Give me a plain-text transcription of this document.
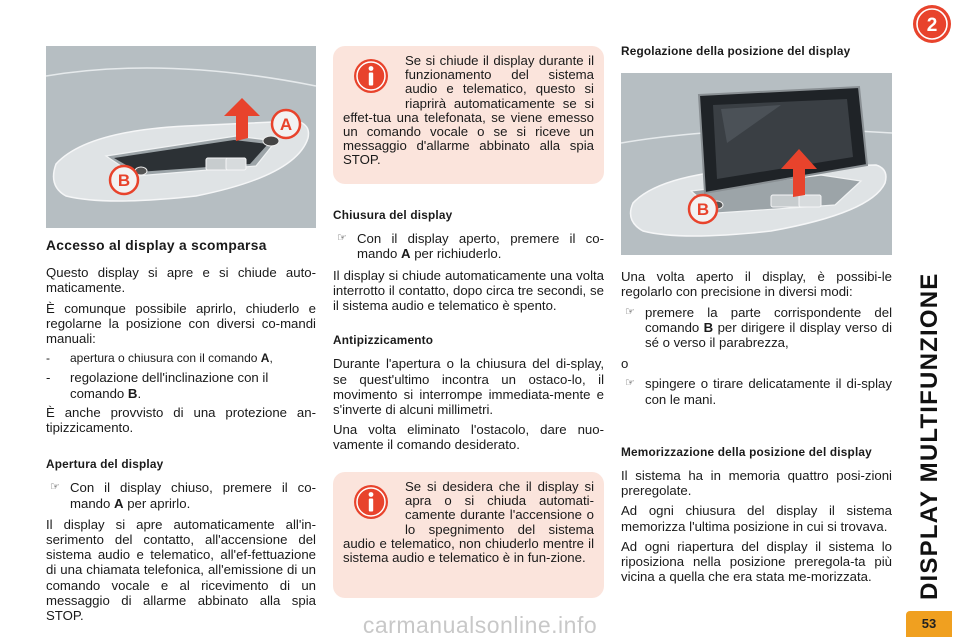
A
B
Accesso al display a scomparsa

Questo display si apre e si chiude auto-maticamente.

È comunque possibile aprirlo, chiuderlo e regolarne la posizione con diversi co-mandi manuali:

- apertura o chiusura con il comando A,
- regolazione dell'inclinazione con il comando B.

È anche provvisto di una protezione an-tipizzicamento.

Apertura del display
☞ Con il display chiuso, premere il co-mando A per aprirlo.

Il display si apre automaticamente all'in-serimento del contatto, all'accensione del sistema audio e telematico, all'ef-fettuazione di una chiamata telefonica, all'emissione di un comando vocale e al ricevimento di un messaggio di allarme abbinato alla spia STOP.

Se si chiude il display durante il funzionamento del sistema audio e telematico, questo si riaprirà automaticamente se si effet-tua una telefonata, se viene emesso un comando vocale o se si riceve un messaggio d'allarme abbinato alla spia STOP.

Chiusura del display
☞ Con il display aperto, premere il co-mando A per richiuderlo.

Il display si chiude automaticamente una volta interrotto il contatto, dopo circa tre secondi, se il sistema audio e telematico è spento.

Antipizzicamento

Durante l'apertura o la chiusura del di-splay, se quest'ultimo incontra un ostaco-lo, il movimento si interrompe immediata-mente e s'inverte di alcuni millimetri.

Una volta eliminato l'ostacolo, dare nuo-vamente il comando desiderato.

Se si desidera che il display si apra o si chiuda automati-camente durante l'accensione o lo spegnimento del sistema audio e telematico, non chiuderlo mentre il sistema audio e telematico è in fun-zione.

Regolazione della posizione del display
B

Una volta aperto il display, è possibi-le regolarlo con precisione in diversi modi:

☞ premere la parte corrispondente del comando B per dirigere il display verso di sé o verso il parabrezza,

o

☞ spingere o tirare delicatamente il di-splay con le mani.
Memorizzazione della posizione del display

Il sistema ha in memoria quattro posi-zioni preregolate.

Ad ogni chiusura del display il sistema memorizza l'ultima posizione in cui si trovava.

Ad ogni riapertura del display il sistema lo riposiziona nella posizione preregola-ta più vicina a quella che era stata me-morizzata.

2
DISPLAY MULTIFUNZIONE
53
carmanualsonline.info
